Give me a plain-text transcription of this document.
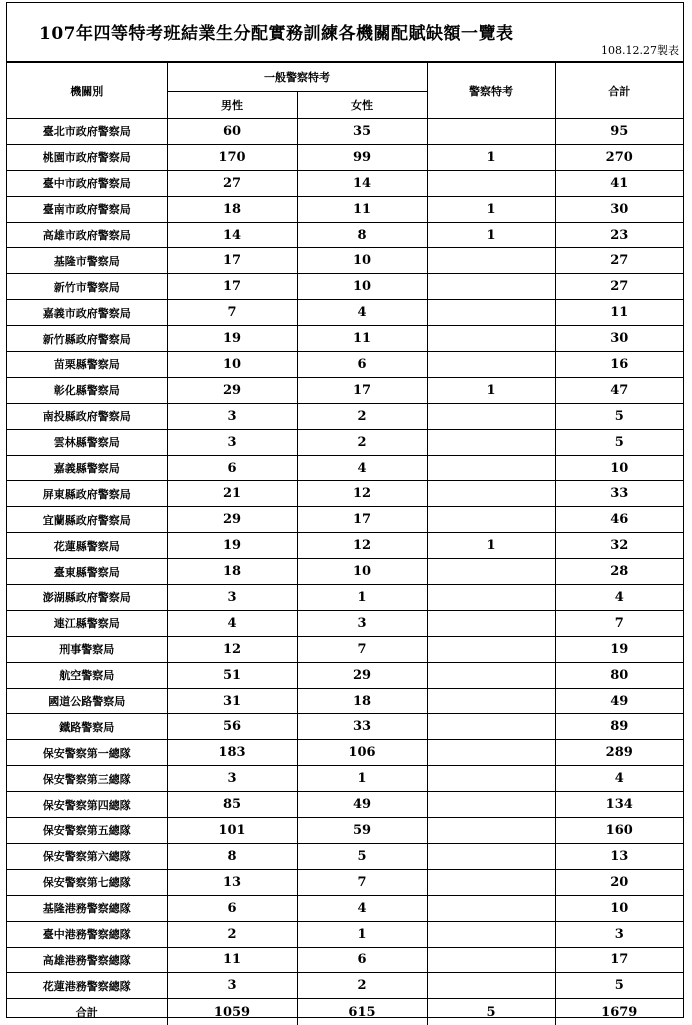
107年四等特考班結業生分配實務訓練各機關配賦缺額一覽表
108.12.27製表
機關別	一般警察特考		警察特考	合計
	男性	女性		
臺北市政府警察局	60	35		95
桃園市政府警察局	170	99	1	270
臺中市政府警察局	27	14		41
臺南市政府警察局	18	11	1	30
高雄市政府警察局	14	8	1	23
基隆市警察局	17	10		27
新竹市警察局	17	10		27
嘉義市政府警察局	7	4		11
新竹縣政府警察局	19	11		30
苗栗縣警察局	10	6		16
彰化縣警察局	29	17	1	47
南投縣政府警察局	3	2		5
雲林縣警察局	3	2		5
嘉義縣警察局	6	4		10
屏東縣政府警察局	21	12		33
宜蘭縣政府警察局	29	17		46
花蓮縣警察局	19	12	1	32
臺東縣警察局	18	10		28
澎湖縣政府警察局	3	1		4
連江縣警察局	4	3		7
刑事警察局	12	7		19
航空警察局	51	29		80
國道公路警察局	31	18		49
鐵路警察局	56	33		89
保安警察第一總隊	183	106		289
保安警察第三總隊	3	1		4
保安警察第四總隊	85	49		134
保安警察第五總隊	101	59		160
保安警察第六總隊	8	5		13
保安警察第七總隊	13	7		20
基隆港務警察總隊	6	4		10
臺中港務警察總隊	2	1		3
高雄港務警察總隊	11	6		17
花蓮港務警察總隊	3	2		5
合計	1059	615	5	1679
